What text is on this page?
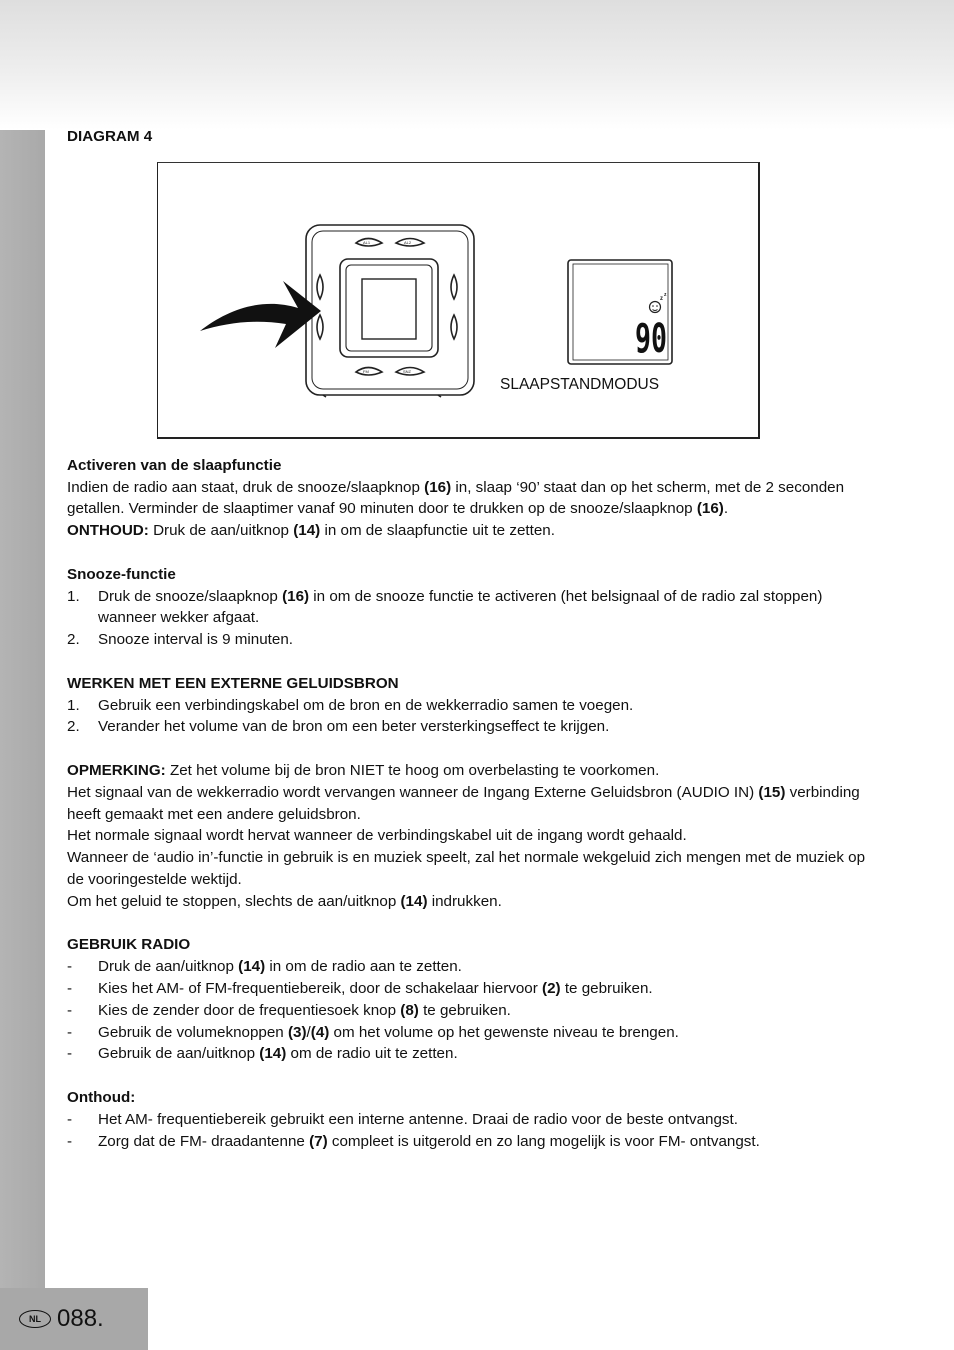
DIAGRAM 4
AL1	AL2
FM	SNZ
z
z
90
SLAAPSTANDMODUS
Activeren van de slaapfunctie

Indien de radio aan staat, druk de snooze/slaapknop (16) in, slaap ‘90’ staat dan op het scherm, met de 2 seconden getallen. Verminder de slaaptimer vanaf 90 minuten door te drukken op de snooze/slaapknop (16).

ONTHOUD: Druk de aan/uitknop (14) in om de slaapfunctie uit te zetten.

Snooze-functie
1.	Druk de snooze/slaapknop (16) in om de snooze functie te activeren (het belsignaal of de radio zal stoppen) wanneer wekker afgaat.
2.	Snooze interval is 9 minuten.
WERKEN MET EEN EXTERNE GELUIDSBRON
1.	Gebruik een verbindingskabel om de bron en de wekkerradio samen te voegen.
2.	Verander het volume van de bron om een beter versterkingseffect te krijgen.

OPMERKING: Zet het volume bij de bron NIET te hoog om overbelasting te voorkomen.

Het signaal van de wekkerradio wordt vervangen wanneer de Ingang Externe Geluidsbron (AUDIO IN) (15) verbinding heeft gemaakt met een andere geluidsbron.

Het normale signaal wordt hervat wanneer de verbindingskabel uit de ingang wordt gehaald.

Wanneer de ‘audio in’-functie in gebruik is en muziek speelt, zal het normale wekgeluid zich mengen met de muziek op de vooringestelde wektijd.

Om het geluid te stoppen, slechts de aan/uitknop (14) indrukken.

GEBRUIK RADIO
-	Druk de aan/uitknop (14) in om de radio aan te zetten.
-	Kies het AM- of FM-frequentiebereik, door de schakelaar hiervoor (2) te gebruiken.
-	Kies de zender door de frequentiesoek knop (8) te gebruiken.
-	Gebruik de volumeknoppen (3)/(4) om het volume op het gewenste niveau te brengen.
-	Gebruik de aan/uitknop (14) om de radio uit te zetten.
Onthoud:
-	Het AM- frequentiebereik gebruikt een interne antenne. Draai de radio voor de beste ontvangst.
-	Zorg dat de FM- draadantenne (7) compleet is uitgerold en zo lang mogelijk is voor FM- ontvangst.
NL 088.
